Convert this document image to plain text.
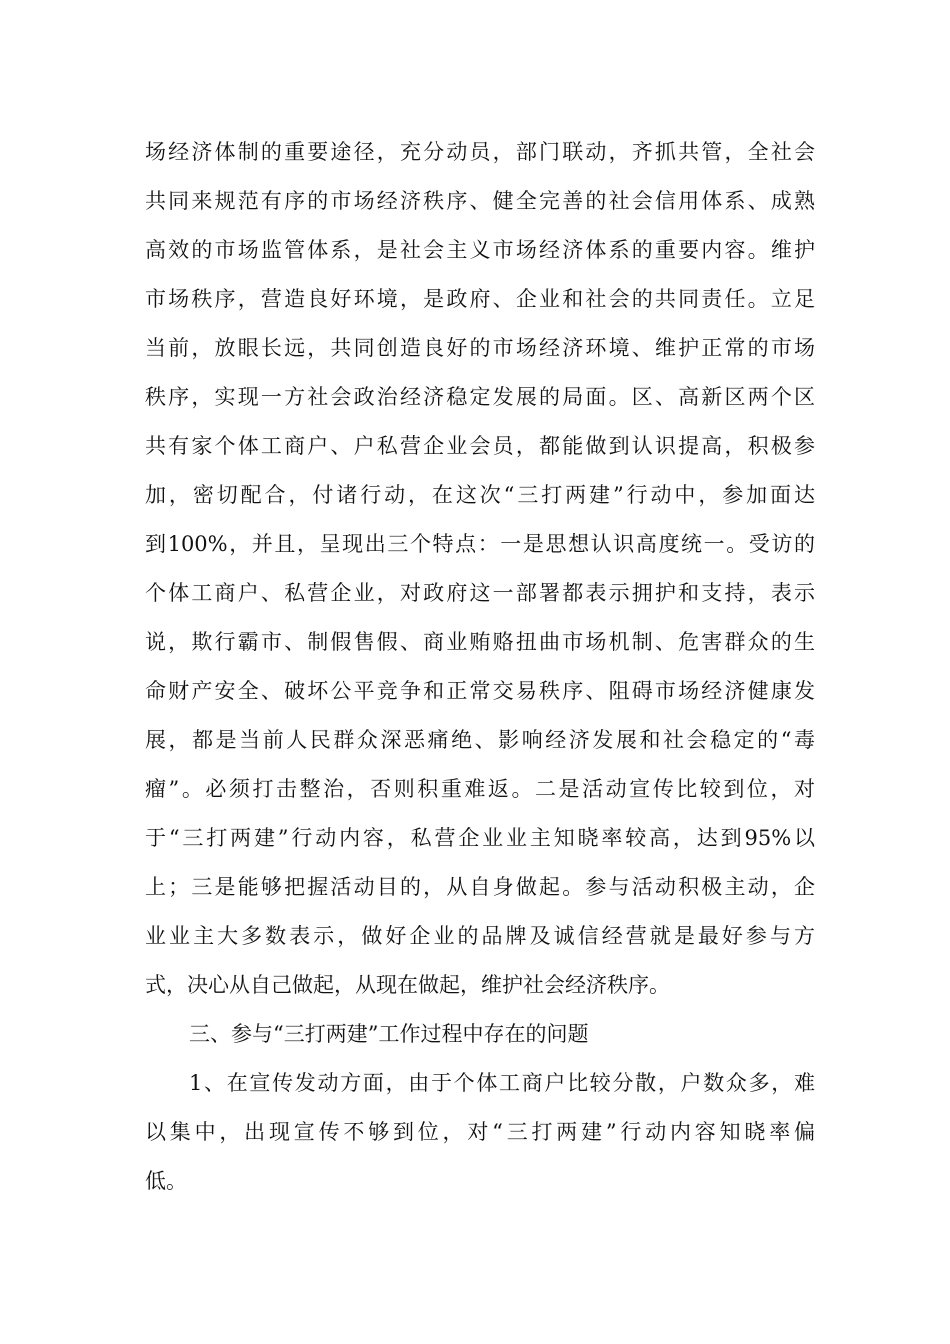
场经济体制的重要途径，充分动员，部门联动，齐抓共管，全社会
共同来规范有序的市场经济秩序、健全完善的社会信用体系、成熟
高效的市场监管体系，是社会主义市场经济体系的重要内容。维护
市场秩序，营造良好环境，是政府、企业和社会的共同责任。立足
当前，放眼长远，共同创造良好的市场经济环境、维护正常的市场
秩序，实现一方社会政治经济稳定发展的局面。区、高新区两个区
共有家个体工商户、户私营企业会员，都能做到认识提高，积极参
加，密切配合，付诸行动，在这次“三打两建”行动中，参加面达
到100%，并且，呈现出三个特点：一是思想认识高度统一。受访的
个体工商户、私营企业，对政府这一部署都表示拥护和支持，表示
说，欺行霸市、制假售假、商业贿赂扭曲市场机制、危害群众的生
命财产安全、破坏公平竞争和正常交易秩序、阻碍市场经济健康发
展，都是当前人民群众深恶痛绝、影响经济发展和社会稳定的“毒
瘤”。必须打击整治，否则积重难返。二是活动宣传比较到位，对
于“三打两建”行动内容，私营企业业主知晓率较高，达到95%以
上；三是能够把握活动目的，从自身做起。参与活动积极主动，企
业业主大多数表示，做好企业的品牌及诚信经营就是最好参与方
式，决心从自己做起，从现在做起，维护社会经济秩序。
三、参与“三打两建”工作过程中存在的问题
1、在宣传发动方面，由于个体工商户比较分散，户数众多，难
以集中，出现宣传不够到位，对“三打两建”行动内容知晓率偏
低。
